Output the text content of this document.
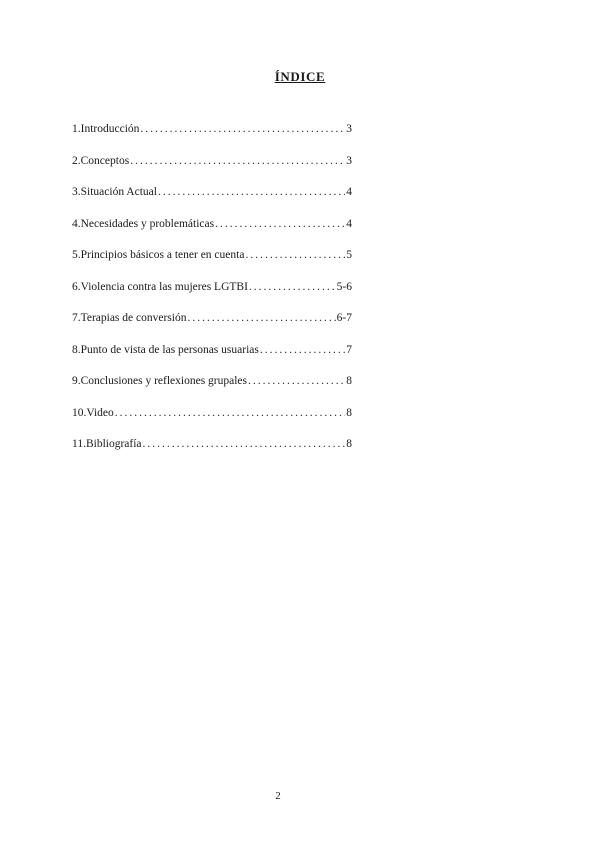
ÍNDICE
1.Introducción .....	3
2.Conceptos .....	3
3.Situación Actual .....	4
4.Necesidades y problemáticas .....	4
5.Principios básicos a tener en cuenta .....	5
6.Violencia contra las mujeres LGTBI .....	5-6
7.Terapias de conversión .....	6-7
8.Punto de vista de las personas usuarias .....	7
9.Conclusiones y reflexiones grupales .....	8
10.Video .....	8
11.Bibliografía .....	8
2
